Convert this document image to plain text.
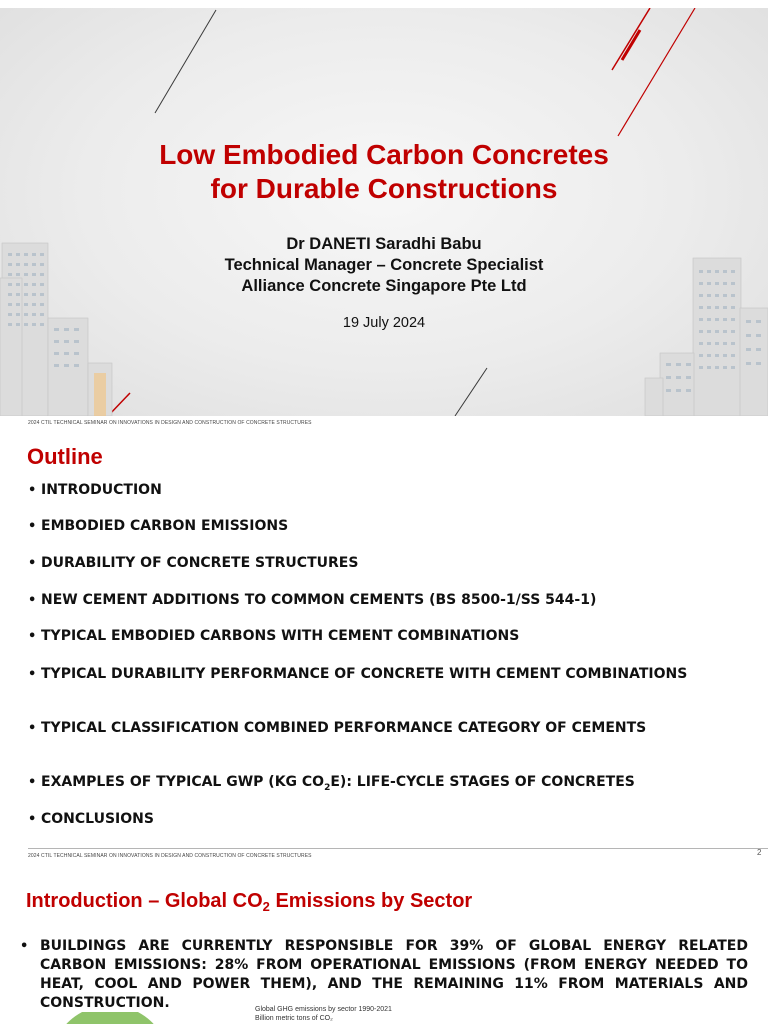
Low Embodied Carbon Concretes
for Durable Constructions
Dr DANETI Saradhi Babu
Technical Manager – Concrete Specialist
Alliance Concrete Singapore Pte Ltd
19 July 2024
2024 CTIL TECHNICAL SEMINAR ON INNOVATIONS IN DESIGN AND CONSTRUCTION OF CONCRETE STRUCTURES
Outline
• INTRODUCTION
• EMBODIED CARBON EMISSIONS
• DURABILITY OF CONCRETE STRUCTURES
• NEW CEMENT ADDITIONS TO COMMON CEMENTS (BS 8500-1/SS 544-1)
• TYPICAL EMBODIED CARBONS WITH CEMENT COMBINATIONS
• TYPICAL DURABILITY PERFORMANCE OF CONCRETE WITH CEMENT COMBINATIONS
• TYPICAL CLASSIFICATION COMBINED PERFORMANCE CATEGORY OF CEMENTS
• EXAMPLES OF TYPICAL GWP (KG $CO_2E$): LIFE-CYCLE STAGES OF CONCRETES
• CONCLUSIONS
2
2024 CTIL TECHNICAL SEMINAR ON INNOVATIONS IN DESIGN AND CONSTRUCTION OF CONCRETE STRUCTURES
Introduction – Global $CO_2$ Emissions by Sector
• BUILDINGS ARE CURRENTLY RESPONSIBLE FOR 39% OF GLOBAL ENERGY RELATED CARBON EMISSIONS: 28% FROM OPERATIONAL EMISSIONS (FROM ENERGY NEEDED TO HEAT, COOL AND POWER THEM), AND THE REMAINING 11% FROM MATERIALS AND CONSTRUCTION.	Global GHG emissions by sector 1990-2021
Billion metric tons of CO₂
